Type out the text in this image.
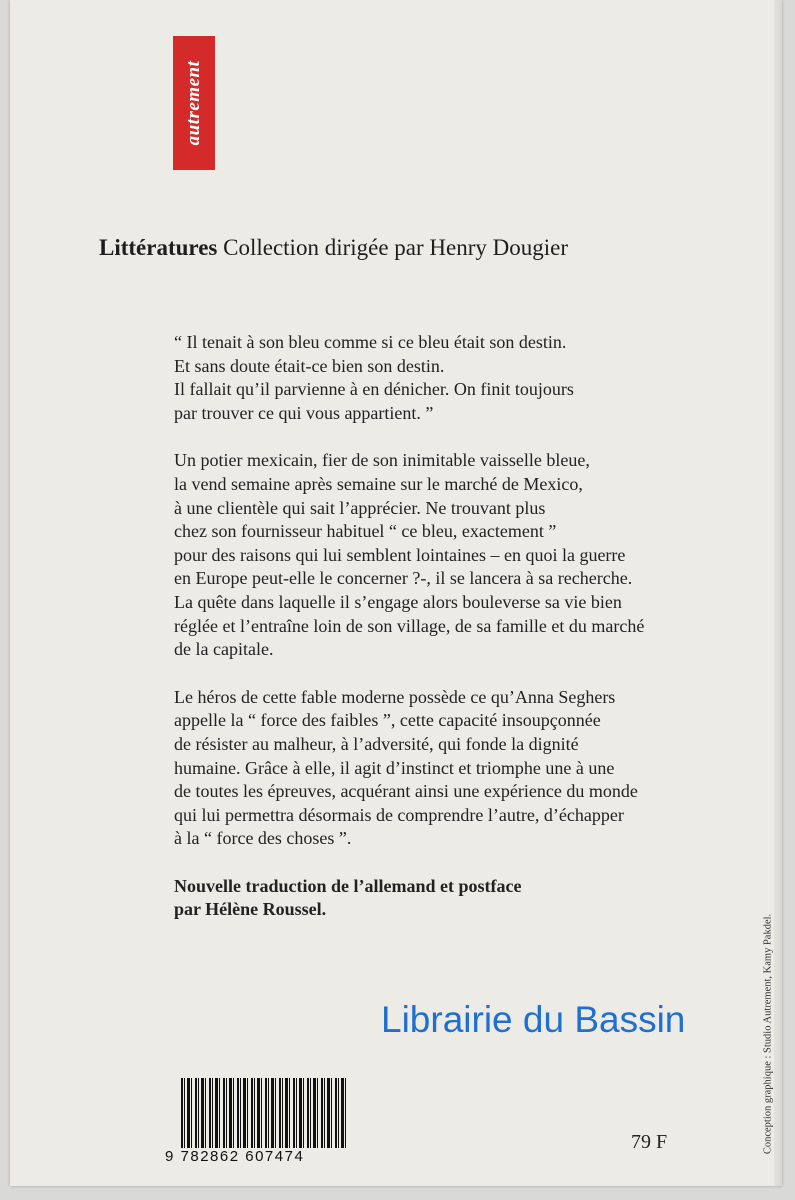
autrement
Littératures Collection dirigée par Henry Dougier
“ Il tenait à son bleu comme si ce bleu était son destin.
Et sans doute était-ce bien son destin.
Il fallait qu’il parvienne à en dénicher. On finit toujours
par trouver ce qui vous appartient. ”
Un potier mexicain, fier de son inimitable vaisselle bleue,
la vend semaine après semaine sur le marché de Mexico,
à une clientèle qui sait l’apprécier. Ne trouvant plus
chez son fournisseur habituel “ ce bleu, exactement ”
pour des raisons qui lui semblent lointaines – en quoi la guerre
en Europe peut-elle le concerner ?-, il se lancera à sa recherche.
La quête dans laquelle il s’engage alors bouleverse sa vie bien
réglée et l’entraîne loin de son village, de sa famille et du marché
de la capitale.
Le héros de cette fable moderne possède ce qu’Anna Seghers
appelle la “ force des faibles ”, cette capacité insoupçonnée
de résister au malheur, à l’adversité, qui fonde la dignité
humaine. Grâce à elle, il agit d’instinct et triomphe une à une
de toutes les épreuves, acquérant ainsi une expérience du monde
qui lui permettra désormais de comprendre l’autre, d’échapper
à la “ force des choses ”.
Nouvelle traduction de l’allemand et postface
par Hélène Roussel.
Conception graphique : Studio Autrement, Kamy Pakdel.
9 782862 607474
79 F
Librairie du Bassin
